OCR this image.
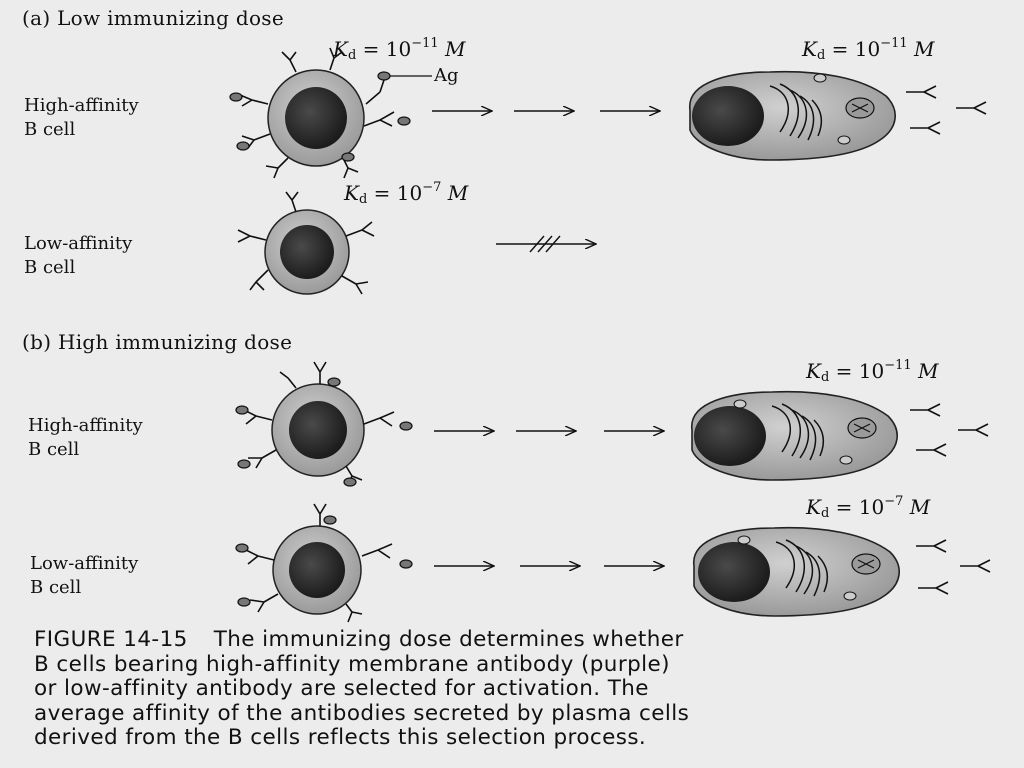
(a) Low immunizing dose
High-affinity
B cell
Low-affinity
B cell
$K_d = 10^{-11}$ M
Ag
$K_d = 10^{-11}$ M
$K_d = 10^{-7}$ M
(b) High immunizing dose
High-affinity
B cell
Low-affinity
B cell
$K_d = 10^{-11}$ M
$K_d = 10^{-7}$ M
FIGURE 14-15 The immunizing dose determines whether
B cells bearing high-affinity membrane antibody (purple)
or low-affinity antibody are selected for activation. The
average affinity of the antibodies secreted by plasma cells
derived from the B cells reflects this selection process.
